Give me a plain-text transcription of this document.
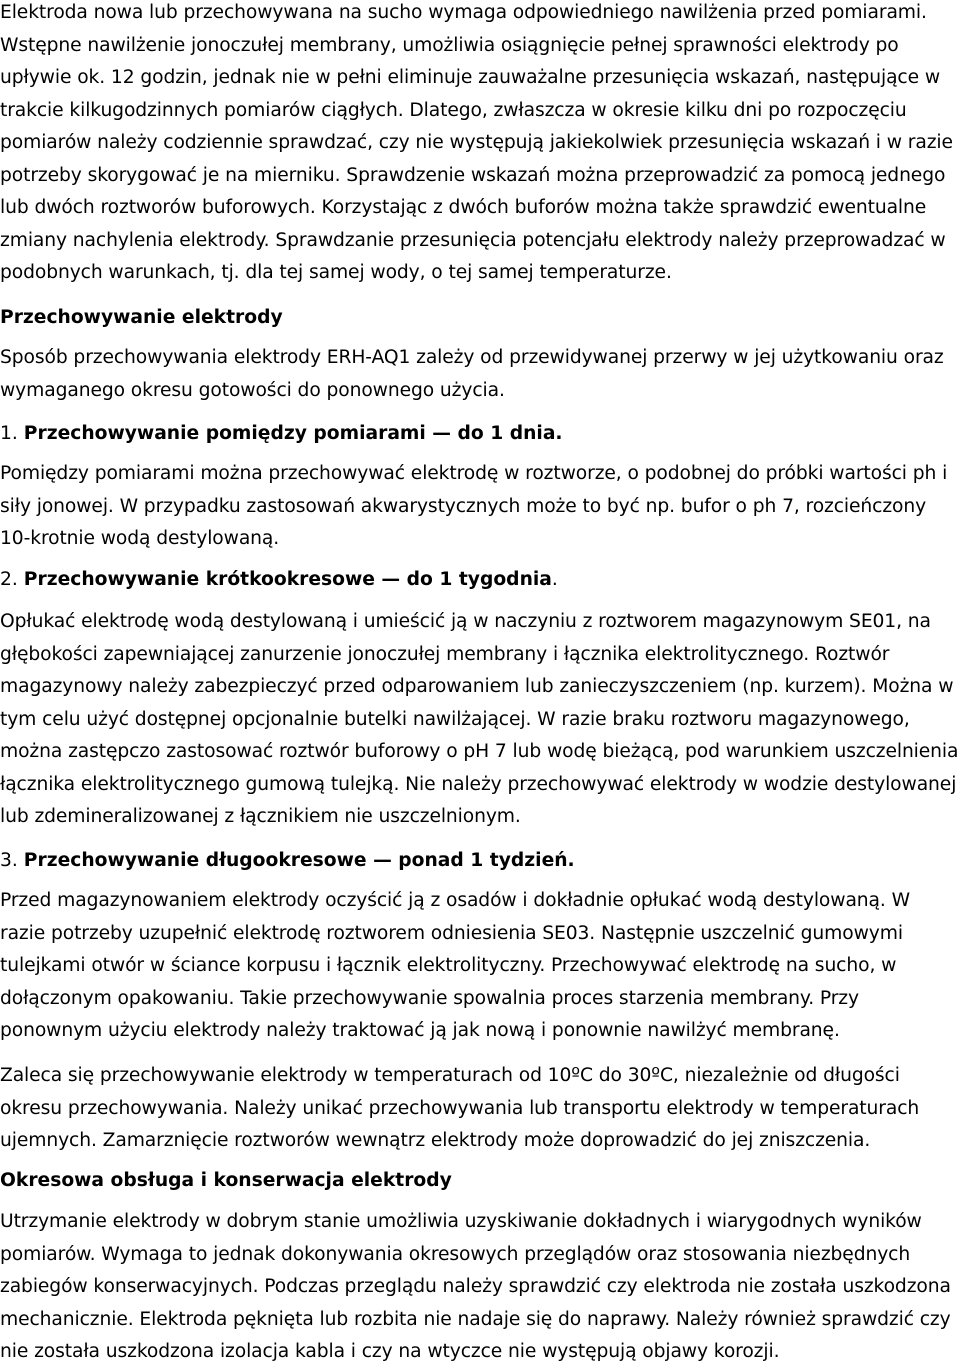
Elektroda nowa lub przechowywana na sucho wymaga odpowiedniego nawilżenia przed pomiarami. Wstępne nawilżenie jonoczułej membrany, umożliwia osiągnięcie pełnej sprawności elektrody po upływie ok. 12 godzin, jednak nie w pełni eliminuje zauważalne przesunięcia wskazań, następujące w trakcie kilkugodzinnych pomiarów ciągłych. Dlatego, zwłaszcza w okresie kilku dni po rozpoczęciu pomiarów należy codziennie sprawdzać, czy nie występują jakiekolwiek przesunięcia wskazań i w razie potrzeby skorygować je na mierniku. Sprawdzenie wskazań można przeprowadzić za pomocą jednego lub dwóch roztworów buforowych. Korzystając z dwóch buforów można także sprawdzić ewentualne zmiany nachylenia elektrody. Sprawdzanie przesunięcia potencjału elektrody należy przeprowadzać w podobnych warunkach, tj. dla tej samej wody, o tej samej temperaturze.

Przechowywanie elektrody

Sposób przechowywania elektrody ERH-AQ1 zależy od przewidywanej przerwy w jej użytkowaniu oraz wymaganego okresu gotowości do ponownego użycia.

1. Przechowywanie pomiędzy pomiarami — do 1 dnia.

Pomiędzy pomiarami można przechowywać elektrodę w roztworze, o podobnej do próbki wartości ph i siły jonowej. W przypadku zastosowań akwarystycznych może to być np. bufor o ph 7, rozcieńczony 10-krotnie wodą destylowaną.

2. Przechowywanie krótkookresowe — do 1 tygodnia.

Opłukać elektrodę wodą destylowaną i umieścić ją w naczyniu z roztworem magazynowym SE01, na głębokości zapewniającej zanurzenie jonoczułej membrany i łącznika elektrolitycznego. Roztwór magazynowy należy zabezpieczyć przed odparowaniem lub zanieczyszczeniem (np. kurzem). Można w tym celu użyć dostępnej opcjonalnie butelki nawilżającej. W razie braku roztworu magazynowego, można zastępczo zastosować roztwór buforowy o pH 7 lub wodę bieżącą, pod warunkiem uszczelnienia łącznika elektrolitycznego gumową tulejką. Nie należy przechowywać elektrody w wodzie destylowanej lub zdemineralizowanej z łącznikiem nie uszczelnionym.

3. Przechowywanie długookresowe — ponad 1 tydzień.

Przed magazynowaniem elektrody oczyścić ją z osadów i dokładnie opłukać wodą destylowaną. W razie potrzeby uzupełnić elektrodę roztworem odniesienia SE03. Następnie uszczelnić gumowymi tulejkami otwór w ściance korpusu i łącznik elektrolityczny. Przechowywać elektrodę na sucho, w dołączonym opakowaniu. Takie przechowywanie spowalnia proces starzenia membrany. Przy ponownym użyciu elektrody należy traktować ją jak nową i ponownie nawilżyć membranę.

Zaleca się przechowywanie elektrody w temperaturach od 10ºC do 30ºC, niezależnie od długości okresu przechowywania. Należy unikać przechowywania lub transportu elektrody w temperaturach ujemnych. Zamarznięcie roztworów wewnątrz elektrody może doprowadzić do jej zniszczenia.

Okresowa obsługa i konserwacja elektrody

Utrzymanie elektrody w dobrym stanie umożliwia uzyskiwanie dokładnych i wiarygodnych wyników pomiarów. Wymaga to jednak dokonywania okresowych przeglądów oraz stosowania niezbędnych zabiegów konserwacyjnych. Podczas przeglądu należy sprawdzić czy elektroda nie została uszkodzona mechanicznie. Elektroda pęknięta lub rozbita nie nadaje się do naprawy. Należy również sprawdzić czy nie została uszkodzona izolacja kabla i czy na wtyczce nie występują objawy korozji.
